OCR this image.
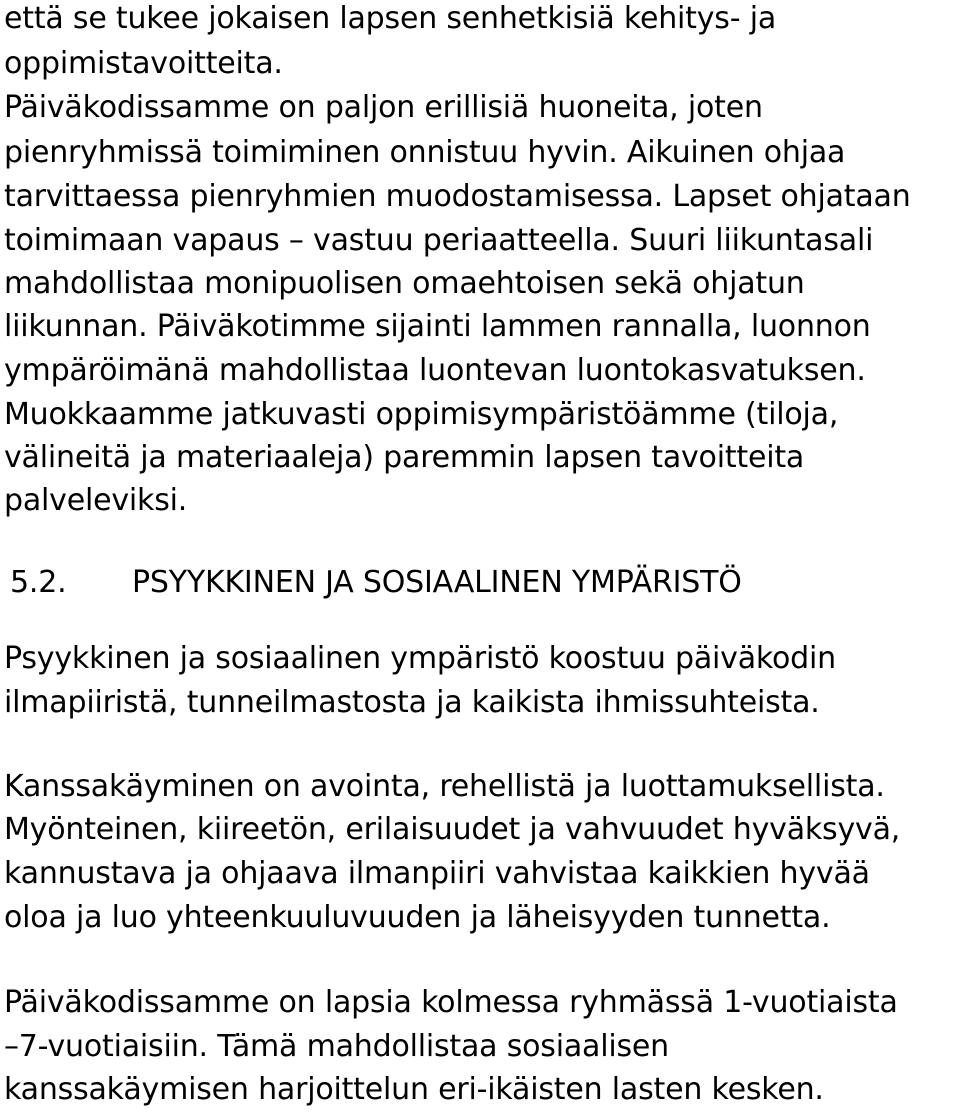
että se tukee jokaisen lapsen senhetkisiä kehitys- ja

oppimistavoitteita.

Päiväkodissamme on paljon erillisiä huoneita, joten

pienryhmissä toimiminen onnistuu hyvin. Aikuinen ohjaa

tarvittaessa pienryhmien muodostamisessa. Lapset ohjataan

toimimaan vapaus – vastuu periaatteella. Suuri liikuntasali

mahdollistaa monipuolisen omaehtoisen sekä ohjatun

liikunnan. Päiväkotimme sijainti lammen rannalla, luonnon

ympäröimänä mahdollistaa luontevan luontokasvatuksen.

Muokkaamme jatkuvasti oppimisympäristöämme (tiloja,

välineitä ja materiaaleja) paremmin lapsen tavoitteita

palveleviksi.

5.2. PSYYKKINEN JA SOSIAALINEN YMPÄRISTÖ

Psyykkinen ja sosiaalinen ympäristö koostuu päiväkodin

ilmapiiristä, tunneilmastosta ja kaikista ihmissuhteista.

Kanssakäyminen on avointa, rehellistä ja luottamuksellista.

Myönteinen, kiireetön, erilaisuudet ja vahvuudet hyväksyvä,

kannustava ja ohjaava ilmanpiiri vahvistaa kaikkien hyvää

oloa ja luo yhteenkuuluvuuden ja läheisyyden tunnetta.

Päiväkodissamme on lapsia kolmessa ryhmässä 1-vuotiaista

–7-vuotiaisiin. Tämä mahdollistaa sosiaalisen

kanssakäymisen harjoittelun eri-ikäisten lasten kesken.
